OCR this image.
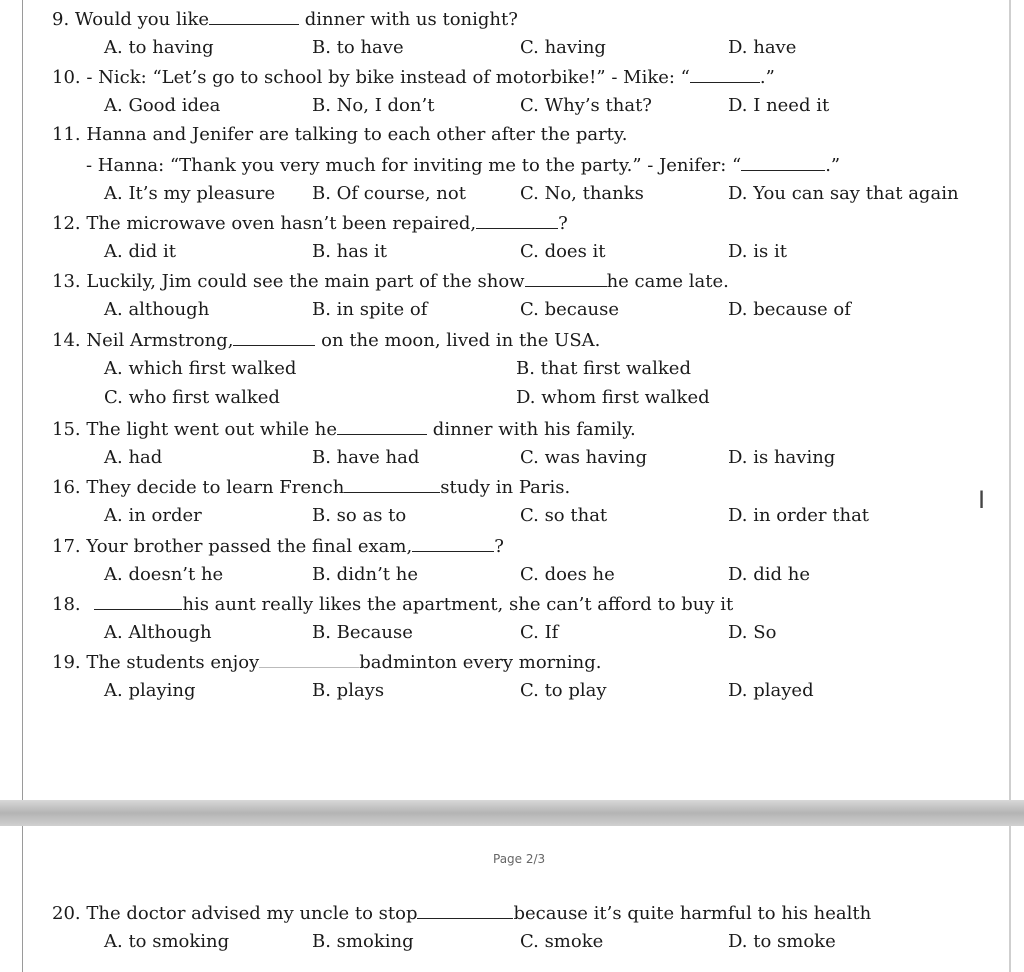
9. Would you like	dinner with us tonight?
A. to having	B. to have	C. having	D. have
10. - Nick: “Let’s go to school by bike instead of motorbike!” - Mike: “	.”
A. Good idea	B. No, I don’t	C. Why’s that?	D. I need it
11. Hanna and Jenifer are talking to each other after the party.
- Hanna: “Thank you very much for inviting me to the party.” - Jenifer: “	.”
A. It’s my pleasure B. Of course, not	C. No, thanks	D. You can say that again
12. The microwave oven hasn’t been repaired,	?
A. did it	B. has it	C. does it	D. is it
13. Luckily, Jim could see the main part of the show	he came late.
A. although	B. in spite of	C. because	D. because of
14. Neil Armstrong,	on the moon, lived in the USA.
A. which first walked	B. that first walked
C. who first walked	D. whom first walked
15. The light went out while he	dinner with his family.
A. had	B. have had	C. was having	D. is having
16. They decide to learn French	study in Paris.
A. in order	B. so as to	C. so that	D. in order that
17. Your brother passed the final exam,	?
A. doesn’t he	B. didn’t he	C. does he	D. did he
18.	his aunt really likes the apartment, she can’t afford to buy it
A. Although	B. Because	C. If	D. So
19. The students enjoy	badminton every morning.
A. playing	B. plays	C. to play	D. played
Page 2/3
20. The doctor advised my uncle to stop	because it’s quite harmful to his health
A. to smoking	B. smoking	C. smoke	D. to smoke
I
